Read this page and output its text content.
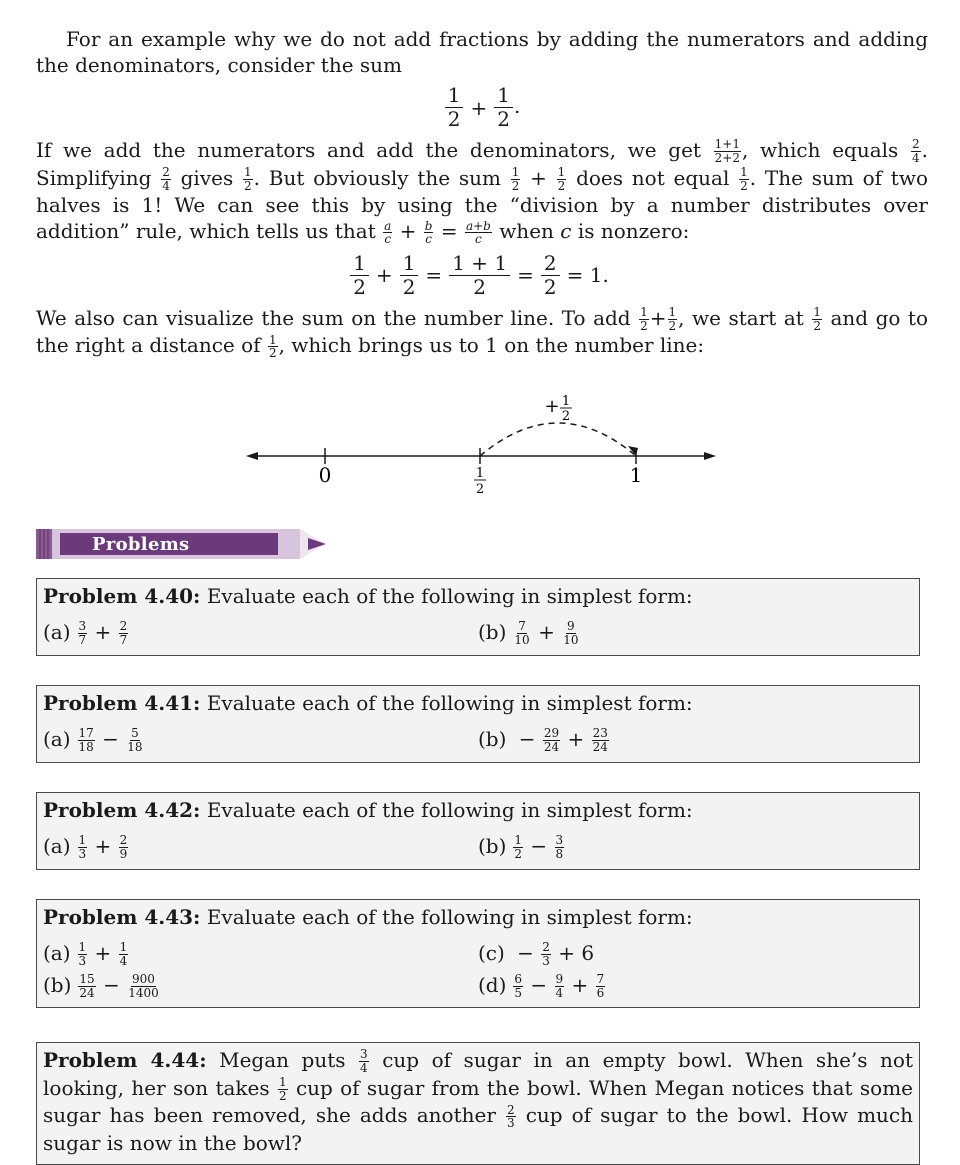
For an example why we do not add fractions by adding the numerators and adding the denominators, consider the sum

$\frac{1}{2} + \frac{1}{2}$ .

If we add the numerators and add the denominators, we get $\frac{1+1}{2+2}$ , which equals $\frac{2}{4}$ . Simplifying $\frac{2}{4}$ gives $\frac{1}{2}$ . But obviously the sum $\frac{1}{2} + \frac{1}{2}$ does not equal $\frac{1}{2}$ . The sum of two halves is 1! We can see this by using the “division by a number distributes over addition” rule, which tells us that $\frac{a}{c} + \frac{b}{c} = \frac{a+b}{c}$ when c is nonzero:

$\frac{1}{2} + \frac{1}{2} = \frac{1 + 1}{2} = \frac{2}{2} = 1$.

We also can visualize the sum on the number line. To add $\frac{1}{2} + \frac{1}{2}$ , we start at $\frac{1}{2}$ and go to the right a distance of $\frac{1}{2}$ , which brings us to 1 on the number line:

0	1
2
1
+ 1
2
Problems
Problem 4.40: Evaluate each of the following in simplest form:
$(a) \frac{3}{7} + \frac{2}{7}$	$(b) \frac{7}{10} + \frac{9}{10}$
Problem 4.41: Evaluate each of the following in simplest form:
$(a) \frac{17}{18} - \frac{5}{18}$	$(b) - \frac{29}{24} + \frac{23}{24}$
Problem 4.42: Evaluate each of the following in simplest form:
$(a) \frac{1}{3} + \frac{2}{9}$	$(b) \frac{1}{2} - \frac{3}{8}$
Problem 4.43: Evaluate each of the following in simplest form:
$(a) \frac{1}{3} + \frac{1}{4}$	$(c) - \frac{2}{3} + 6$
$(b) \frac{15}{24} - \frac{900}{1400}$	$(d) \frac{6}{5} - \frac{9}{4} + \frac{7}{6}$

Problem 4.44: Megan puts $\frac{3}{4}$ cup of sugar in an empty bowl. When she’s not looking, her son takes $\frac{1}{2}$ cup of sugar from the bowl. When Megan notices that some sugar has been removed, she adds another $\frac{2}{3}$ cup of sugar to the bowl. How much sugar is now in the bowl?
